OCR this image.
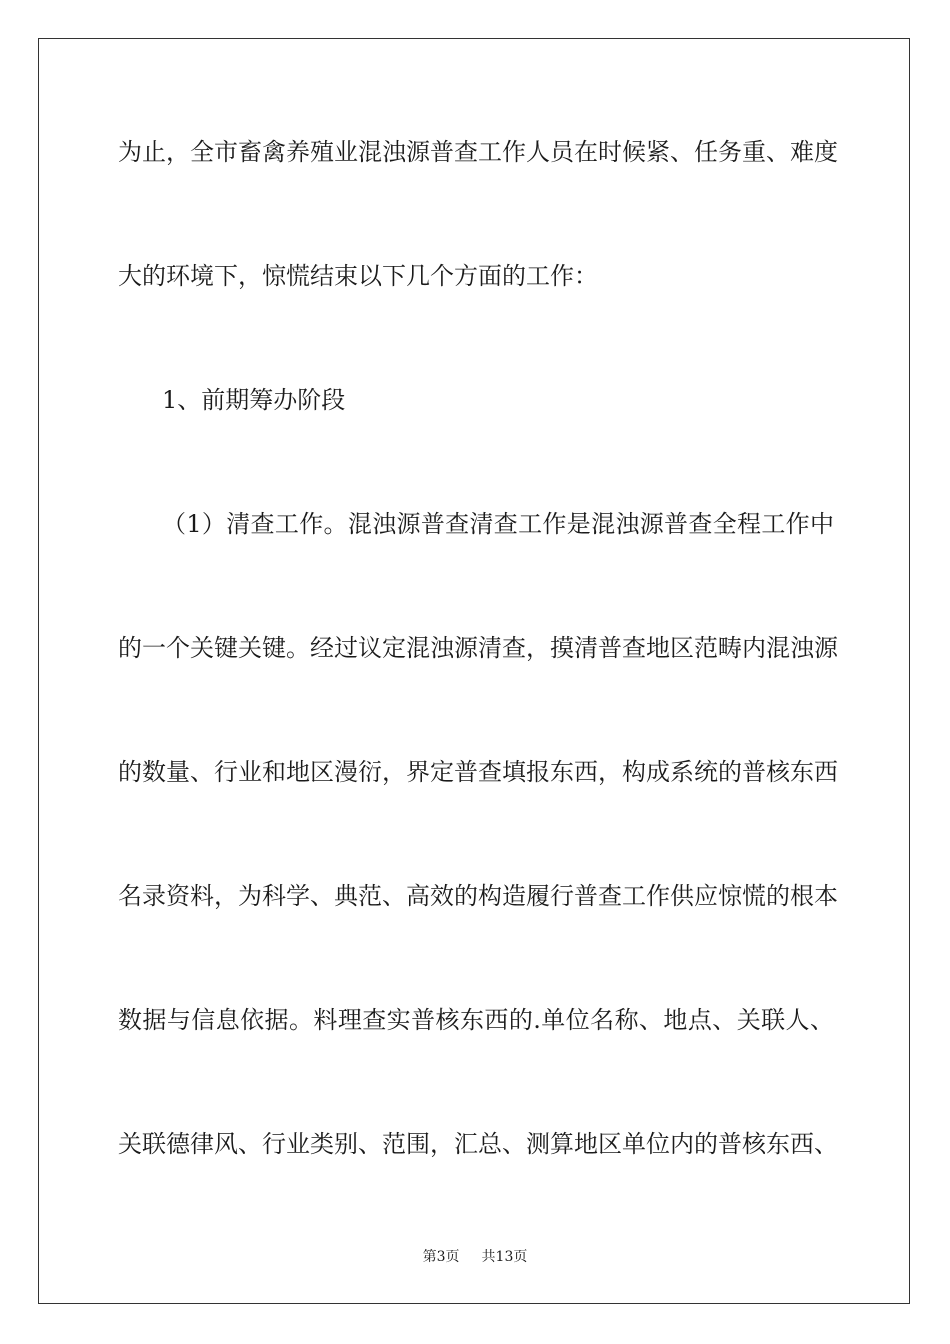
为止，全市畜禽养殖业混浊源普查工作人员在时候紧、任务重、难度
大的环境下，惊慌结束以下几个方面的工作：
1、前期筹办阶段
（1）清查工作。混浊源普查清查工作是混浊源普查全程工作中
的一个关键关键。经过议定混浊源清查，摸清普查地区范畴内混浊源
的数量、行业和地区漫衍，界定普查填报东西，构成系统的普核东西
名录资料，为科学、典范、高效的构造履行普查工作供应惊慌的根本
数据与信息依据。料理查实普核东西的.单位名称、地点、关联人、
关联德律风、行业类别、范围，汇总、测算地区单位内的普核东西、
第3页 共13页
